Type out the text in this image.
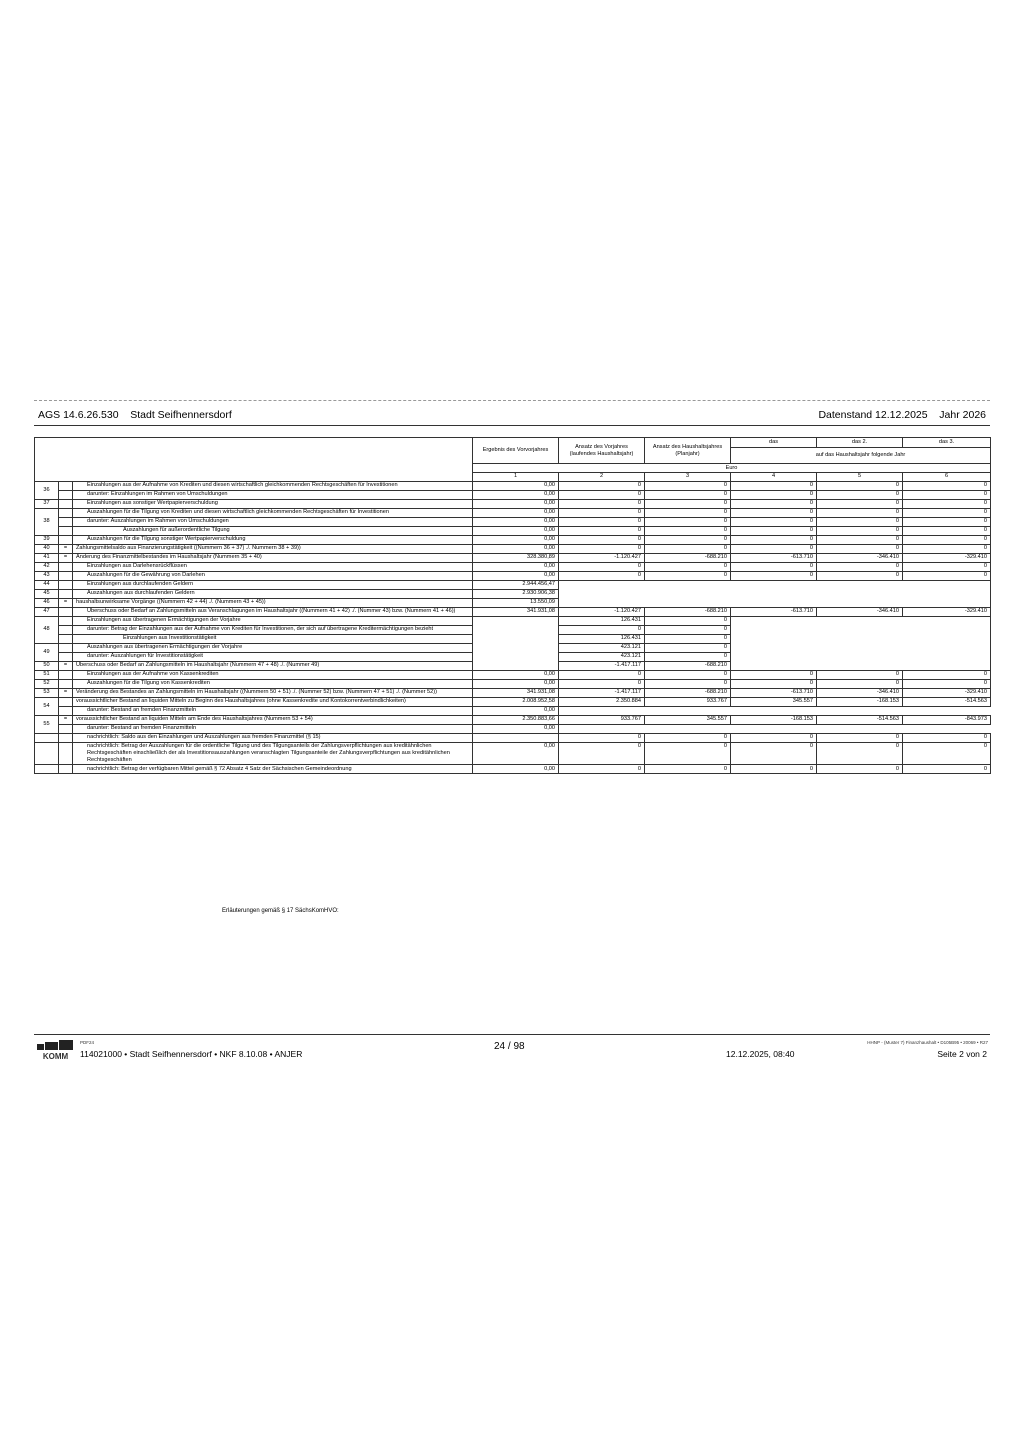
AGS 14.6.26.530 Stadt Seifhennersdorf	Datenstand 12.12.2025 Jahr 2026
			Ergebnis des Vorvorjahres	Ansatz des Vorjahres (laufendes Haushaltsjahr)	Ansatz des Haushaltsjahres (Planjahr)	das	das 2.	das 3.
						auf das Haushaltsjahr folgende Jahr		
			Euro					
			1	2	3	4	5	6
36		Einzahlungen aus der Aufnahme von Krediten und diesen wirtschaftlich gleichkommenden Rechtsgeschäften für Investitionen	0,00	0	0	0	0	0
		darunter: Einzahlungen im Rahmen von Umschuldungen	0,00	0	0	0	0	0
37		Einzahlungen aus sonstiger Wertpapierverschuldung	0,00	0	0	0	0	0
38		Auszahlungen für die Tilgung von Krediten und diesen wirtschaftlich gleichkommenden Rechtsgeschäften für Investitionen	0,00	0	0	0	0	0
		darunter: Auszahlungen im Rahmen von Umschuldungen	0,00	0	0	0	0	0
		Auszahlungen für außerordentliche Tilgung	0,00	0	0	0	0	0
39		Auszahlungen für die Tilgung sonstiger Wertpapierverschuldung	0,00	0	0	0	0	0
40	=	Zahlungsmittelsaldo aus Finanzierungstätigkeit ((Nummern 36 + 37) ./. Nummern 38 + 39))	0,00	0	0	0	0	0
41	=	Änderung des Finanzmittelbestandes im Haushaltsjahr (Nummern 35 + 40)	328.380,89	-1.120.427	-688.210	-613.710	-346.410	-329.410
42		Einzahlungen aus Darlehensrückflüssen	0,00	0	0	0	0	0
43		Auszahlungen für die Gewährung von Darlehen	0,00	0	0	0	0	0
44		Einzahlungen aus durchlaufenden Geldern	2.944.456,47					
45		Auszahlungen aus durchlaufenden Geldern	2.930.906,38					
46	=	haushaltsunwirksame Vorgänge ((Nummern 42 + 44) ./. (Nummern 43 + 45))	13.550,09					
47		Überschuss oder Bedarf an Zahlungsmitteln aus Veranschlagungen im Haushaltsjahr ((Nummern 41 + 42) ./. (Nummer 43) bzw. (Nummern 41 + 46))	341.931,08	-1.120.427	-688.210	-613.710	-346.410	-329.410
48		Einzahlungen aus übertragenen Ermächtigungen der Vorjahre		126.431	0			
		darunter: Betrag der Einzahlungen aus der Aufnahme von Krediten für Investitionen, der sich auf übertragene Kreditermächtigungen bezieht		0	0			
		Einzahlungen aus Investitionstätigkeit		126.431	0			
49		Auszahlungen aus übertragenen Ermächtigungen der Vorjahre		423.121	0			
		darunter: Auszahlungen für Investitionstätigkeit		423.121	0			
50	=	Überschuss oder Bedarf an Zahlungsmitteln im Haushaltsjahr (Nummern 47 + 48) ./. (Nummer 49)		-1.417.117	-688.210			
51		Einzahlungen aus der Aufnahme von Kassenkrediten	0,00	0	0	0	0	0
52		Auszahlungen für die Tilgung von Kassenkrediten	0,00	0	0	0	0	0
53	=	Veränderung des Bestandes an Zahlungsmitteln im Haushaltsjahr ((Nummern 50 + 51) ./. (Nummer 52) bzw. (Nummern 47 + 51) ./. (Nummer 52))	341.931,08	-1.417.117	-688.210	-613.710	-346.410	-329.410
54		voraussichtlicher Bestand an liquiden Mitteln zu Beginn des Haushaltsjahres (ohne Kassenkredite und Kontokorrentverbindlichkeiten)	2.008.952,58	2.350.884	933.767	345.557	-168.153	-514.563
		darunter: Bestand an fremden Finanzmitteln	0,00					
55	=	voraussichtlicher Bestand an liquiden Mitteln am Ende des Haushaltsjahres (Nummern 53 + 54)	2.350.883,66	933.767	345.557	-168.153	-514.563	-843.973
		darunter: Bestand an fremden Finanzmitteln	0,00					
		nachrichtlich: Saldo aus den Einzahlungen und Auszahlungen aus fremden Finanzmittel (§ 15)		0	0	0	0	0
		nachrichtlich: Betrag der Auszahlungen für die ordentliche Tilgung und des Tilgungsanteils der Zahlungsverpflichtungen aus kreditähnlichen Rechtsgeschäften einschließlich der als Investitionsauszahlungen veranschlagten Tilgungsanteile der Zahlungsverpflichtungen aus kreditähnlichen Rechtsgeschäften	0,00	0	0	0	0	0
		nachrichtlich: Betrag der verfügbaren Mittel gemäß § 72 Absatz 4 Satz der Sächsischen Gemeindeordnung	0,00	0	0	0	0	0
Erläuterungen gemäß § 17 SächsKomHVO:
KOMM
PDF24
114021000 • Stadt Seifhennersdorf • NKF 8.10.08 • ANJER
24 / 98
12.12.2025, 08:40
HHNP - (Muster 7) Finanzhaushalt • D105B95 • 20069 • R27
Seite 2 von 2
